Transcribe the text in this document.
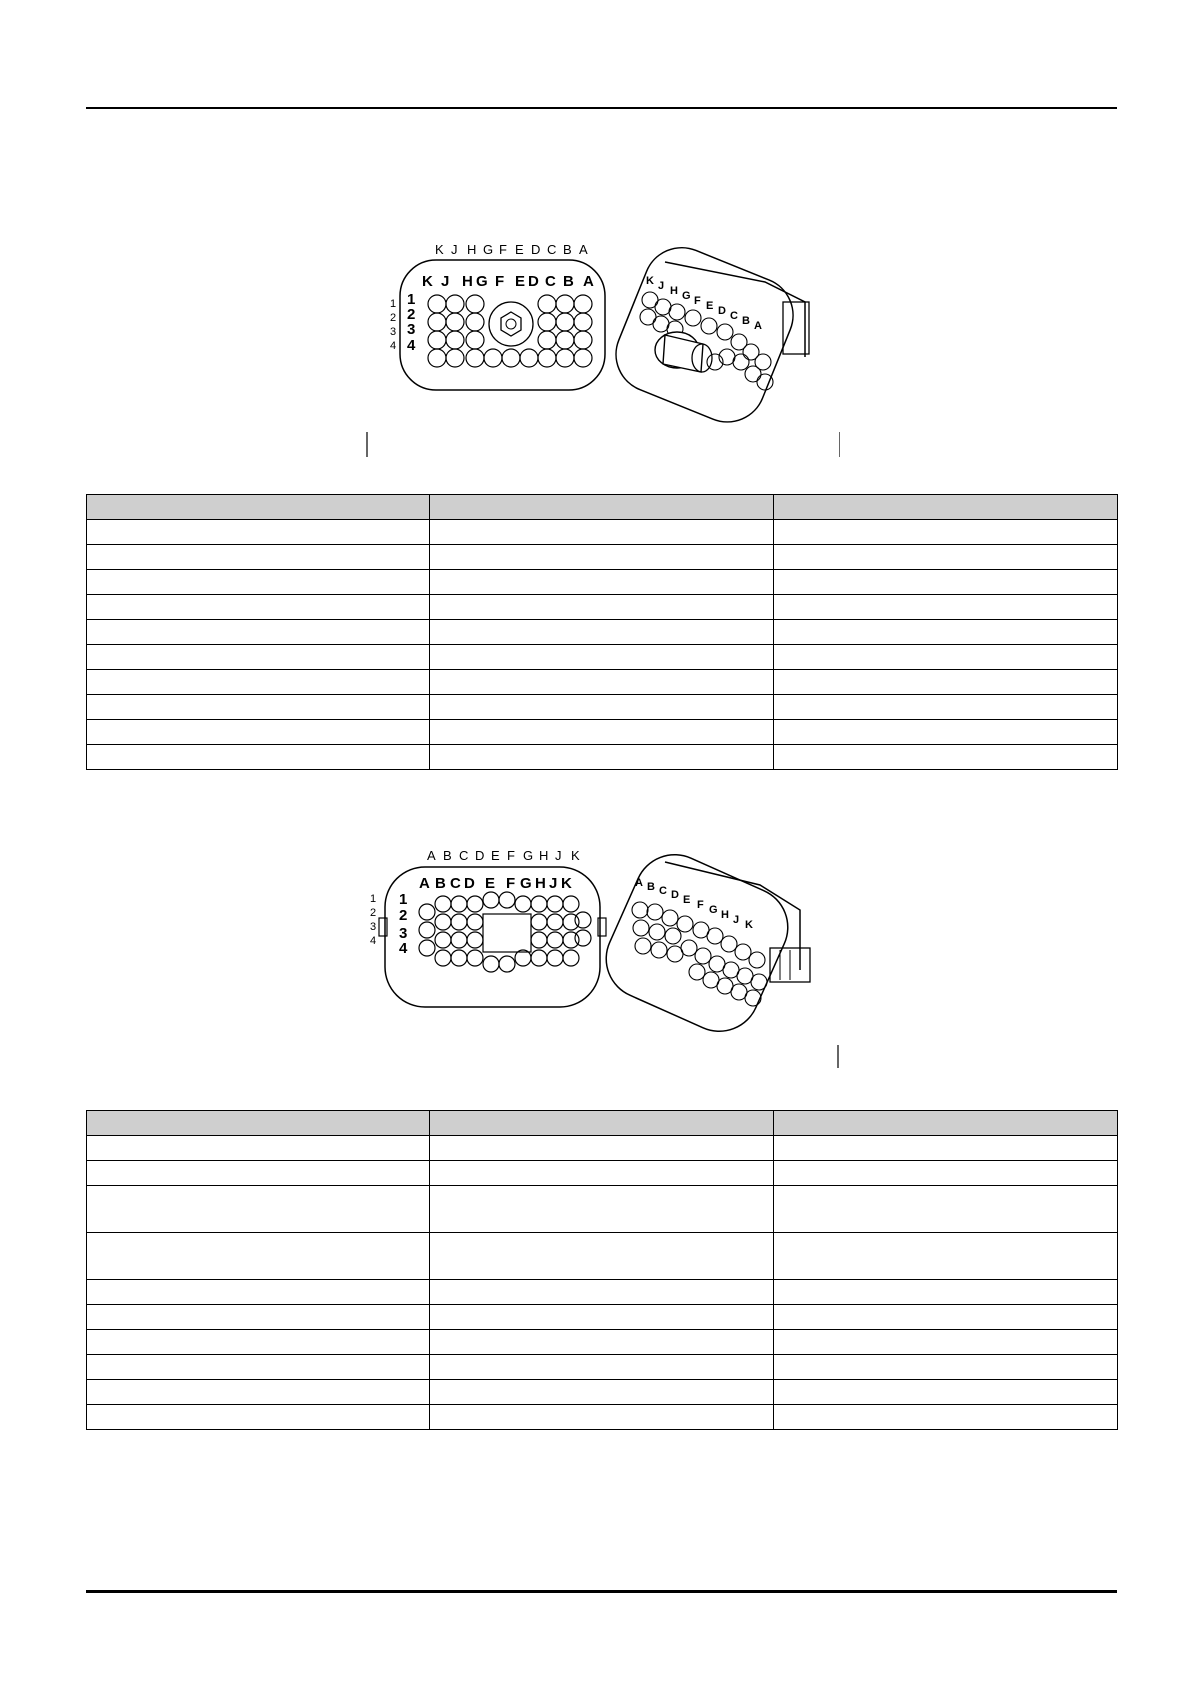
K J H G F E D C B A
1
2
3
4
K J H G F E D C B A
1
2
3
4
K J H G F E D C B A

A B C D E F G H J K
1
2
3
4
A B C D E F G H J K
1
2
3
4
A B C D E F G H J K
